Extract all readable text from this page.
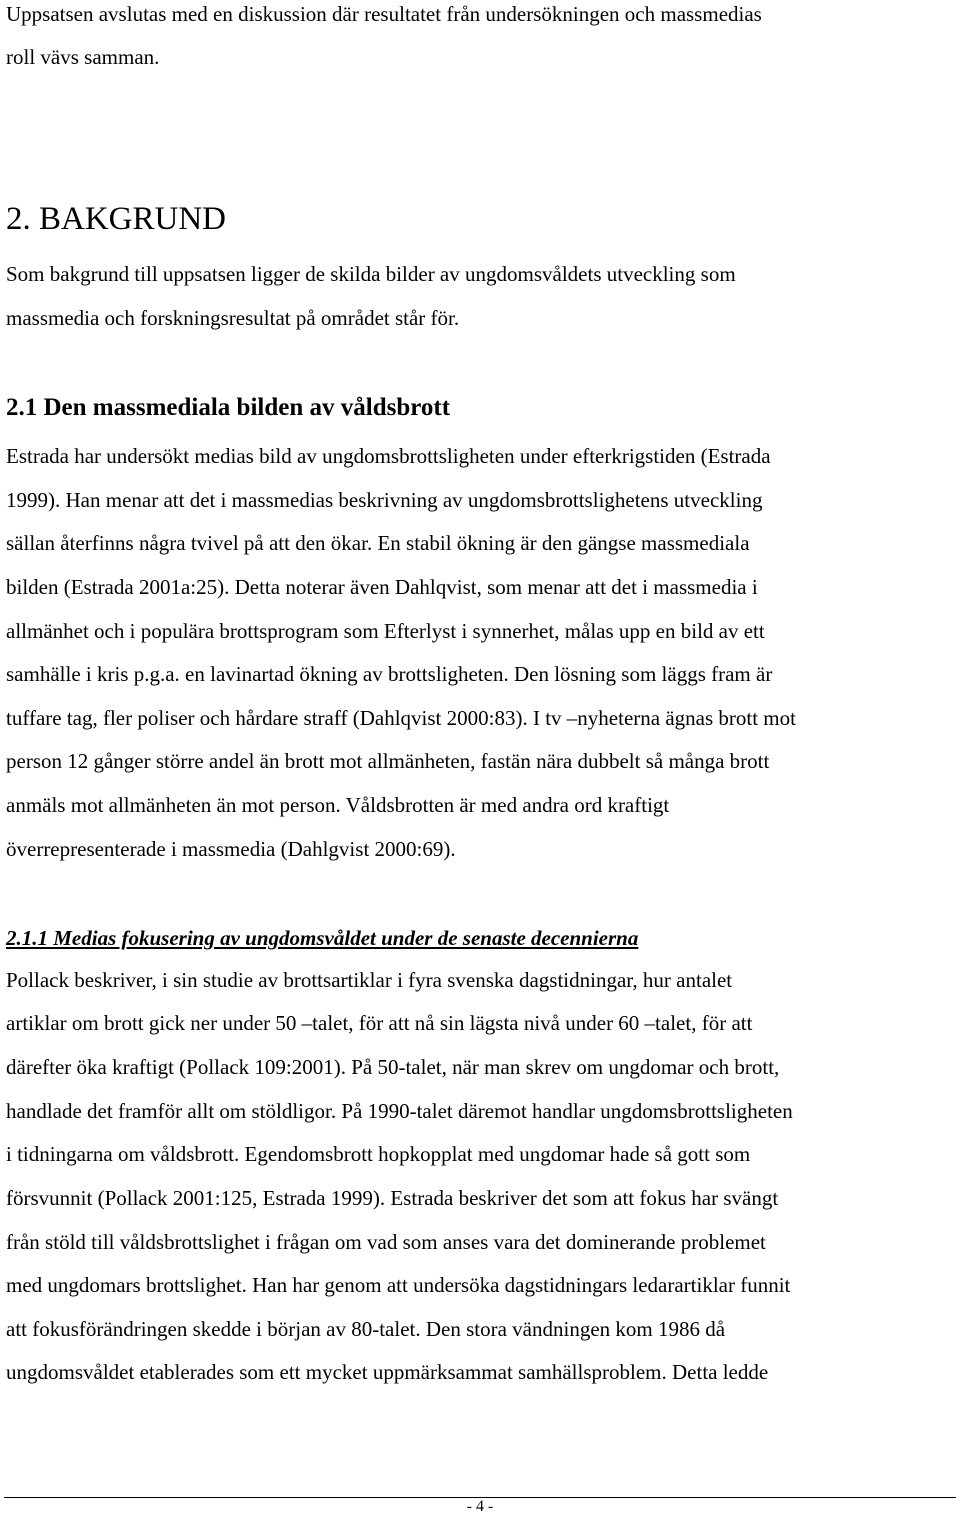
Uppsatsen avslutas med en diskussion där resultatet från undersökningen och massmedias
roll vävs samman.
2. BAKGRUND
Som bakgrund till uppsatsen ligger de skilda bilder av ungdomsvåldets utveckling som
massmedia och forskningsresultat på området står för.
2.1 Den massmediala bilden av våldsbrott
Estrada har undersökt medias bild av ungdomsbrottsligheten under efterkrigstiden (Estrada
1999). Han menar att det i massmedias beskrivning av ungdomsbrottslighetens utveckling
sällan återfinns några tvivel på att den ökar. En stabil ökning är den gängse massmediala
bilden (Estrada 2001a:25). Detta noterar även Dahlqvist, som menar att det i massmedia i
allmänhet och i populära brottsprogram som Efterlyst i synnerhet, målas upp en bild av ett
samhälle i kris p.g.a. en lavinartad ökning av brottsligheten. Den lösning som läggs fram är
tuffare tag, fler poliser och hårdare straff (Dahlqvist 2000:83). I tv –nyheterna ägnas brott mot
person 12 gånger större andel än brott mot allmänheten, fastän nära dubbelt så många brott
anmäls mot allmänheten än mot person. Våldsbrotten är med andra ord kraftigt
överrepresenterade i massmedia (Dahlgvist 2000:69).
2.1.1 Medias fokusering av ungdomsvåldet under de senaste decennierna
Pollack beskriver, i sin studie av brottsartiklar i fyra svenska dagstidningar, hur antalet
artiklar om brott gick ner under 50 –talet, för att nå sin lägsta nivå under 60 –talet, för att
därefter öka kraftigt (Pollack 109:2001). På 50-talet, när man skrev om ungdomar och brott,
handlade det framför allt om stöldligor. På 1990-talet däremot handlar ungdomsbrottsligheten
i tidningarna om våldsbrott. Egendomsbrott hopkopplat med ungdomar hade så gott som
försvunnit (Pollack 2001:125, Estrada 1999). Estrada beskriver det som att fokus har svängt
från stöld till våldsbrottslighet i frågan om vad som anses vara det dominerande problemet
med ungdomars brottslighet. Han har genom att undersöka dagstidningars ledarartiklar funnit
att fokusförändringen skedde i början av 80-talet. Den stora vändningen kom 1986 då
ungdomsvåldet etablerades som ett mycket uppmärksammat samhällsproblem. Detta ledde
- 4 -
